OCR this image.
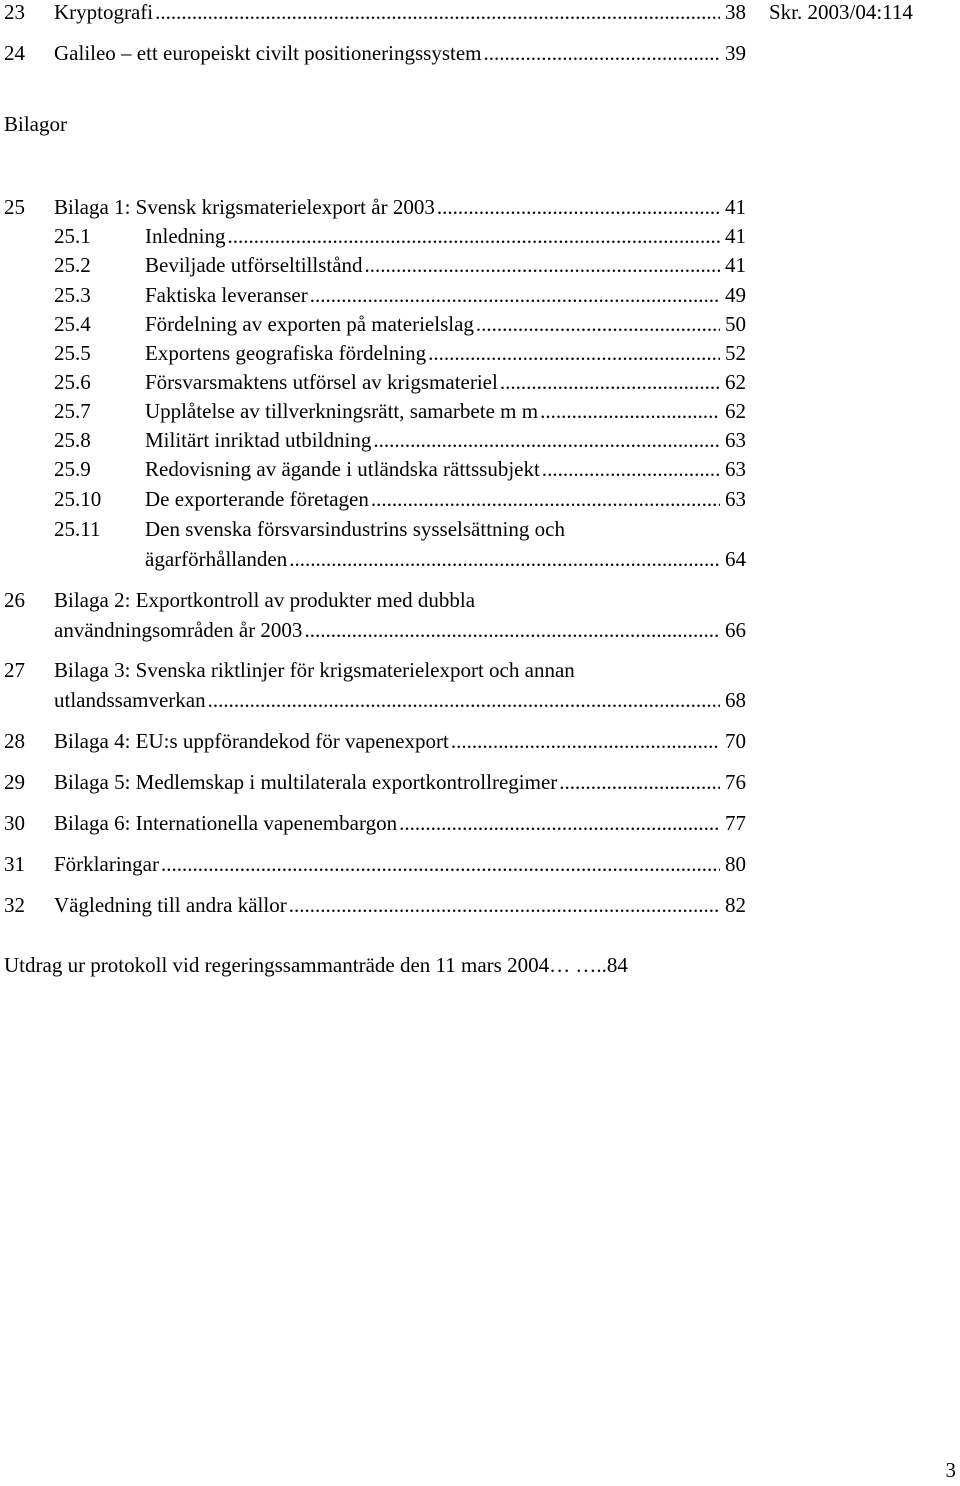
Skr. 2003/04:114
23 Kryptografi .....	38
24 Galileo – ett europeiskt civilt positioneringssystem .....	39
Bilagor
25 Bilaga 1: Svensk krigsmaterielexport år 2003 .....	41
25.1	Inledning .....	41
25.2	Beviljade utförseltillstånd .....	41
25.3	Faktiska leveranser .....	49
25.4	Fördelning av exporten på materielslag .....	50
25.5	Exportens geografiska fördelning .....	52
25.6	Försvarsmaktens utförsel av krigsmateriel .....	62
25.7	Upplåtelse av tillverkningsrätt, samarbete m m .....	62
25.8	Militärt inriktad utbildning .....	63
25.9	Redovisning av ägande i utländska rättssubjekt .....	63
25.10 De exporterande företagen .....	63
25.11 Den svenska försvarsindustrins sysselsättning och
ägarförhållanden .....	64
26 Bilaga 2: Exportkontroll av produkter med dubbla
användningsområden år 2003 .....	66
27 Bilaga 3: Svenska riktlinjer för krigsmaterielexport och annan
utlandssamverkan .....	68
28 Bilaga 4: EU:s uppförandekod för vapenexport .....	70
29 Bilaga 5: Medlemskap i multilaterala exportkontrollregimer .....	76
30 Bilaga 6: Internationella vapenembargon .....	77
31 Förklaringar .....	80
32 Vägledning till andra källor .....	82
Utdrag ur protokoll vid regeringssammanträde den 11 mars 2004… …..84
3
